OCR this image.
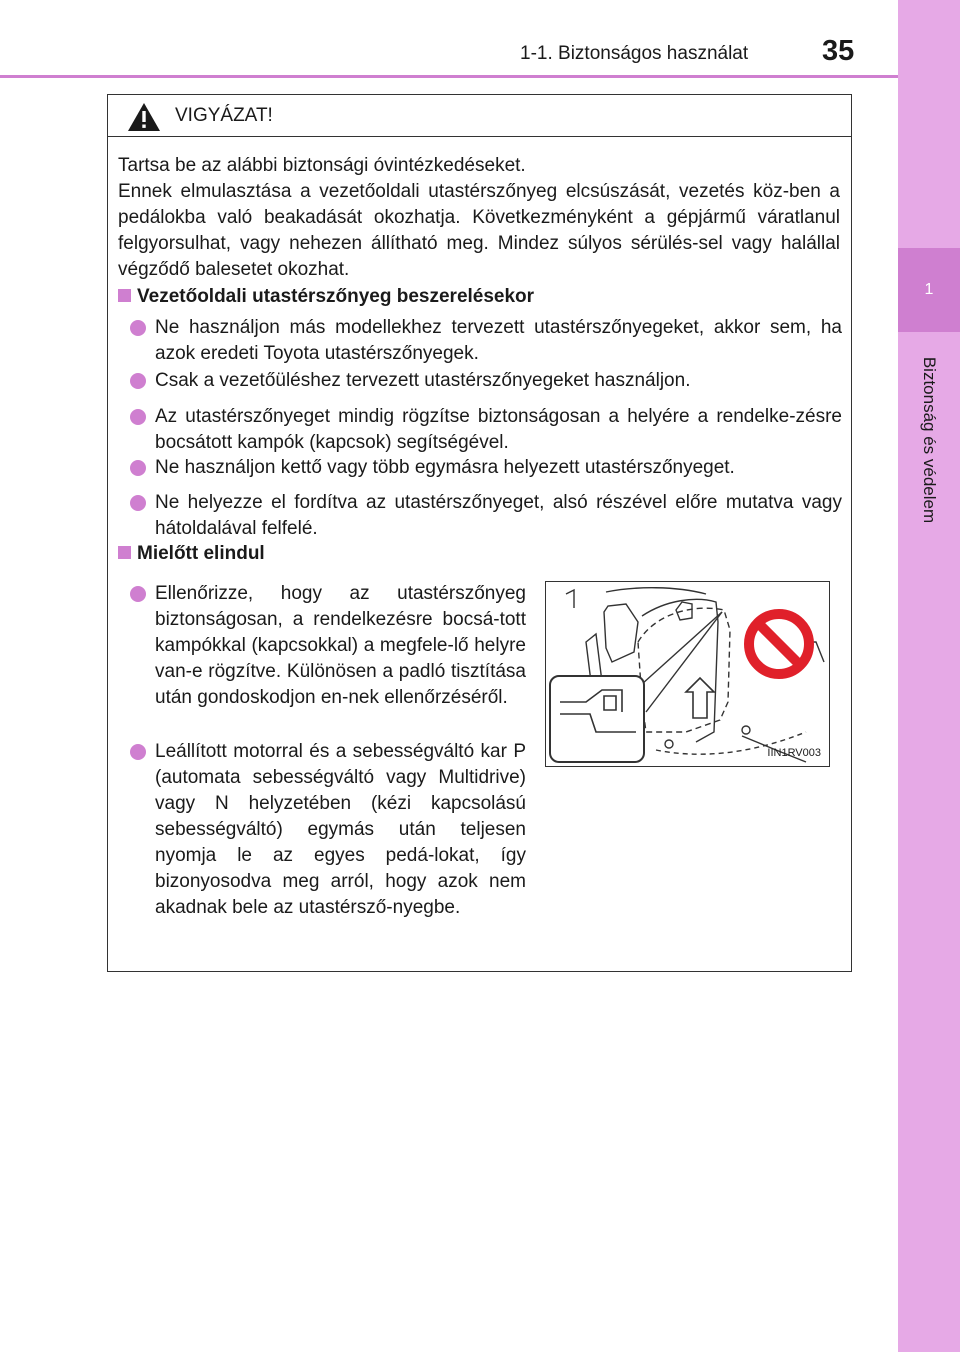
1-1. Biztonságos használat	35
1
Biztonság és védelem
VIGYÁZAT!
Tartsa be az alábbi biztonsági óvintézkedéseket.
Ennek elmulasztása a vezetőoldali utastérszőnyeg elcsúszását, vezetés köz-ben a pedálokba való beakadását okozhatja. Következményként a gépjármű váratlanul felgyorsulhat, vagy nehezen állítható meg. Mindez súlyos sérülés-sel vagy halállal végződő balesetet okozhat.
Vezetőoldali utastérszőnyeg beszerelésekor
Ne használjon más modellekhez tervezett utastérszőnyegeket, akkor sem, ha azok eredeti Toyota utastérszőnyegek.
Csak a vezetőüléshez tervezett utastérszőnyegeket használjon.
Az utastérszőnyeget mindig rögzítse biztonságosan a helyére a rendelke-zésre bocsátott kampók (kapcsok) segítségével.
Ne használjon kettő vagy több egymásra helyezett utastérszőnyeget.
Ne helyezze el fordítva az utastérszőnyeget, alsó részével előre mutatva vagy hátoldalával felfelé.
Mielőtt elindul
Ellenőrizze, hogy az utastérszőnyeg biztonságosan, a rendelkezésre bocsá-tott kampókkal (kapcsokkal) a megfele-lő helyre van-e rögzítve. Különösen a padló tisztítása után gondoskodjon en-nek ellenőrzéséről.
Leállított motorral és a sebességváltó kar P (automata sebességváltó vagy Multidrive) vagy N helyzetében (kézi kapcsolású sebességváltó) egymás után teljesen nyomja le az egyes pedá-lokat, így bizonyosodva meg arról, hogy azok nem akadnak bele az utastérsző-nyegbe.
IIN1RV003
